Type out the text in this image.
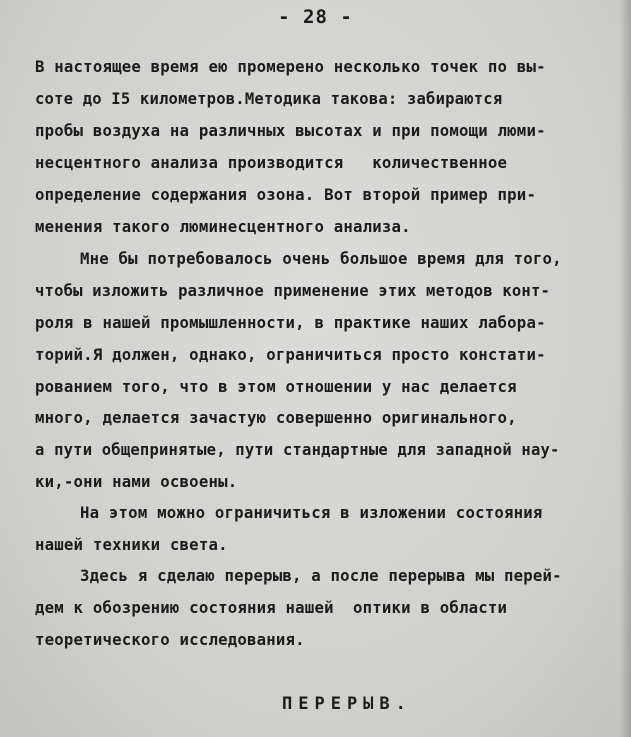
- 28 -
В настоящее время ею промерено несколько точек по вы-
соте до I5 километров.Методика такова: забираются
пробы воздуха на различных высотах и при помощи люми-
несцентного анализа производится   количественное
определение содержания озона. Вот второй пример при-
менения такого люминесцентного анализа.
Мне бы потребовалось очень большое время для того,
чтобы изложить различное применение этих методов конт-
роля в нашей промышленности, в практике наших лабора-
торий.Я должен, однако, ограничиться просто констати-
рованием того, что в этом отношении у нас делается
много, делается зачастую совершенно оригинального,
а пути общепринятые, пути стандартные для западной нау-
ки,-они нами освоены.
На этом можно ограничиться в изложении состояния
нашей техники света.
Здесь я сделаю перерыв, а после перерыва мы перей-
дем к обозрению состояния нашей  оптики в области
теоретического исследования.
ПЕРЕРЫВ.
